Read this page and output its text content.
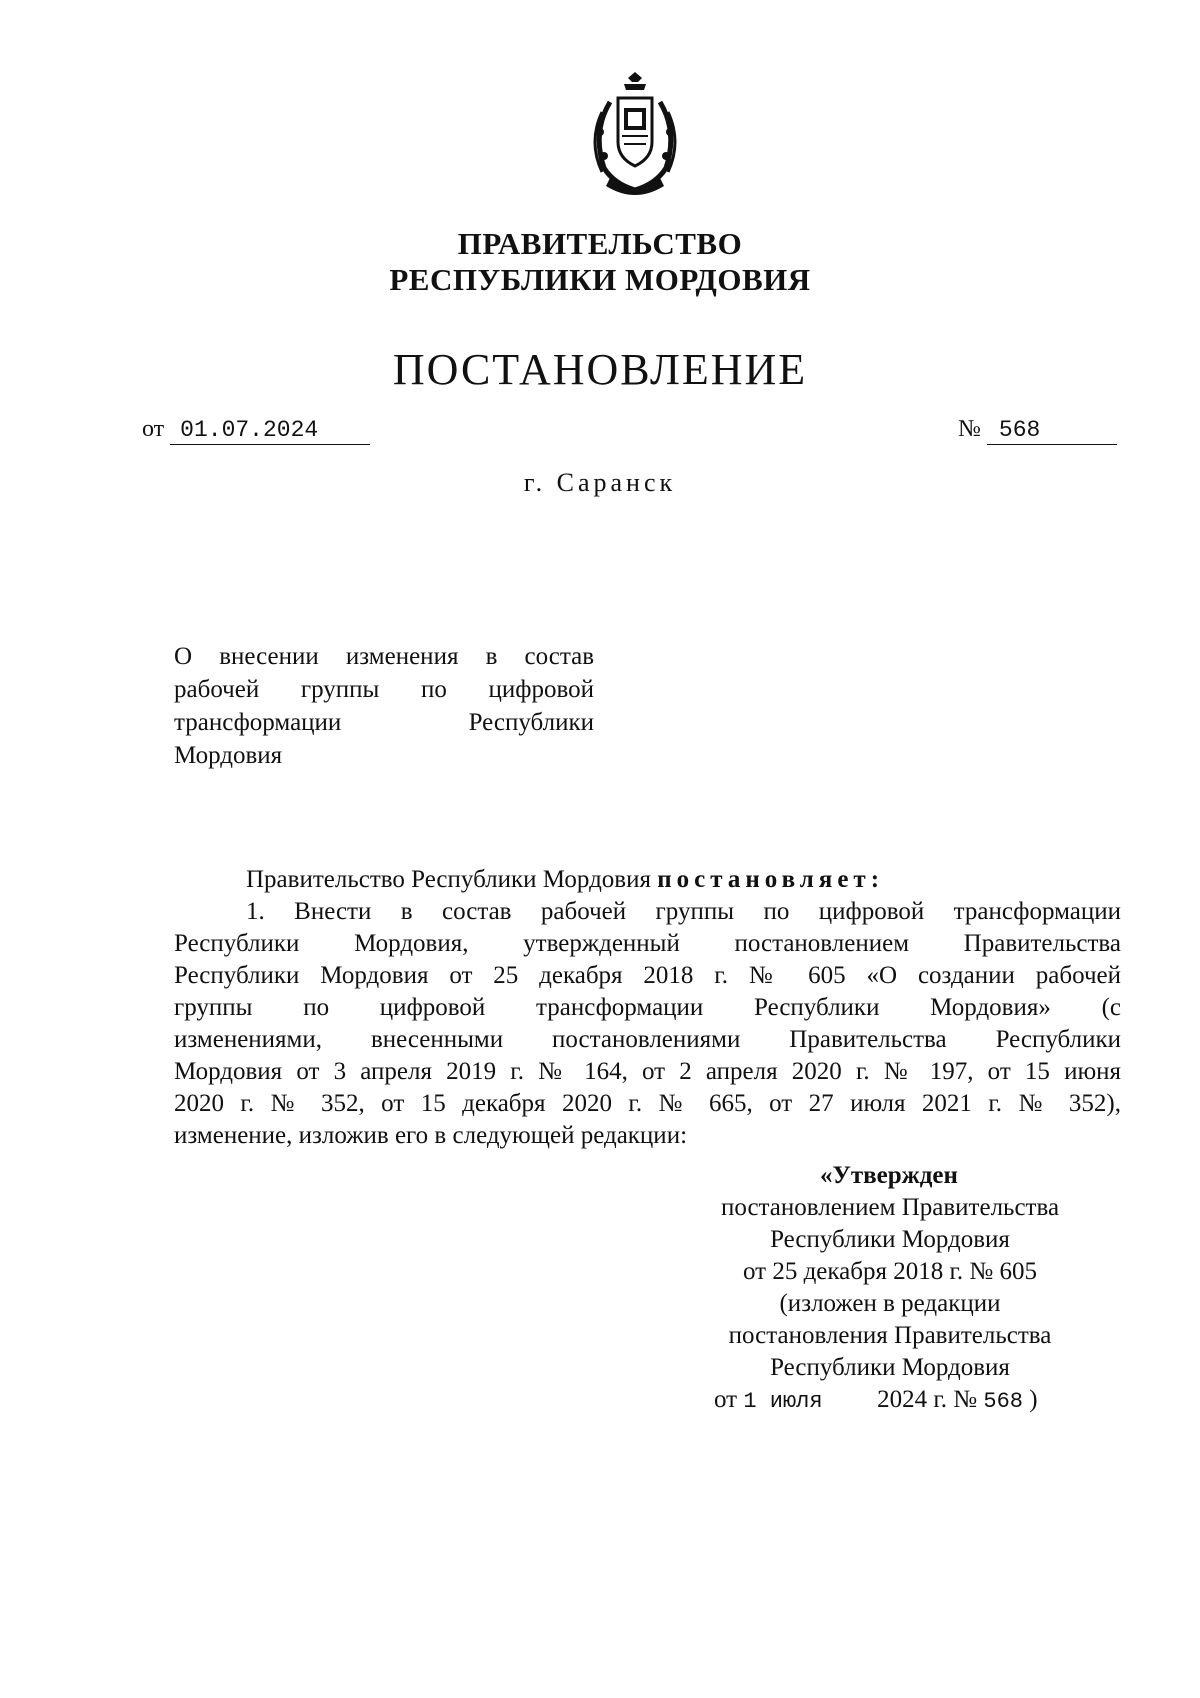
ПРАВИТЕЛЬСТВО
РЕСПУБЛИКИ МОРДОВИЯ
ПОСТАНОВЛЕНИЕ
от 01.07.2024	№ 568
г. Саранск
О внесении изменения в состав
рабочей группы по цифровой
трансформации Республики
Мордовия
Правительство Республики Мордовия постановляет:
1. Внести в состав рабочей группы по цифровой трансформации
Республики Мордовия, утвержденный постановлением Правительства
Республики Мордовия от 25 декабря 2018 г. № 605 «О создании рабочей
группы по цифровой трансформации Республики Мордовия» (с
изменениями, внесенными постановлениями Правительства Республики
Мордовия от 3 апреля 2019 г. № 164, от 2 апреля 2020 г. № 197, от 15 июня
2020 г. № 352, от 15 декабря 2020 г. № 665, от 27 июля 2021 г. № 352),
изменение, изложив его в следующей редакции:
«Утвержден
постановлением Правительства
Республики Мордовия
от 25 декабря 2018 г. № 605
(изложен в редакции
постановления Правительства
Республики Мордовия
от 1 июля 2024 г. № 568 )
